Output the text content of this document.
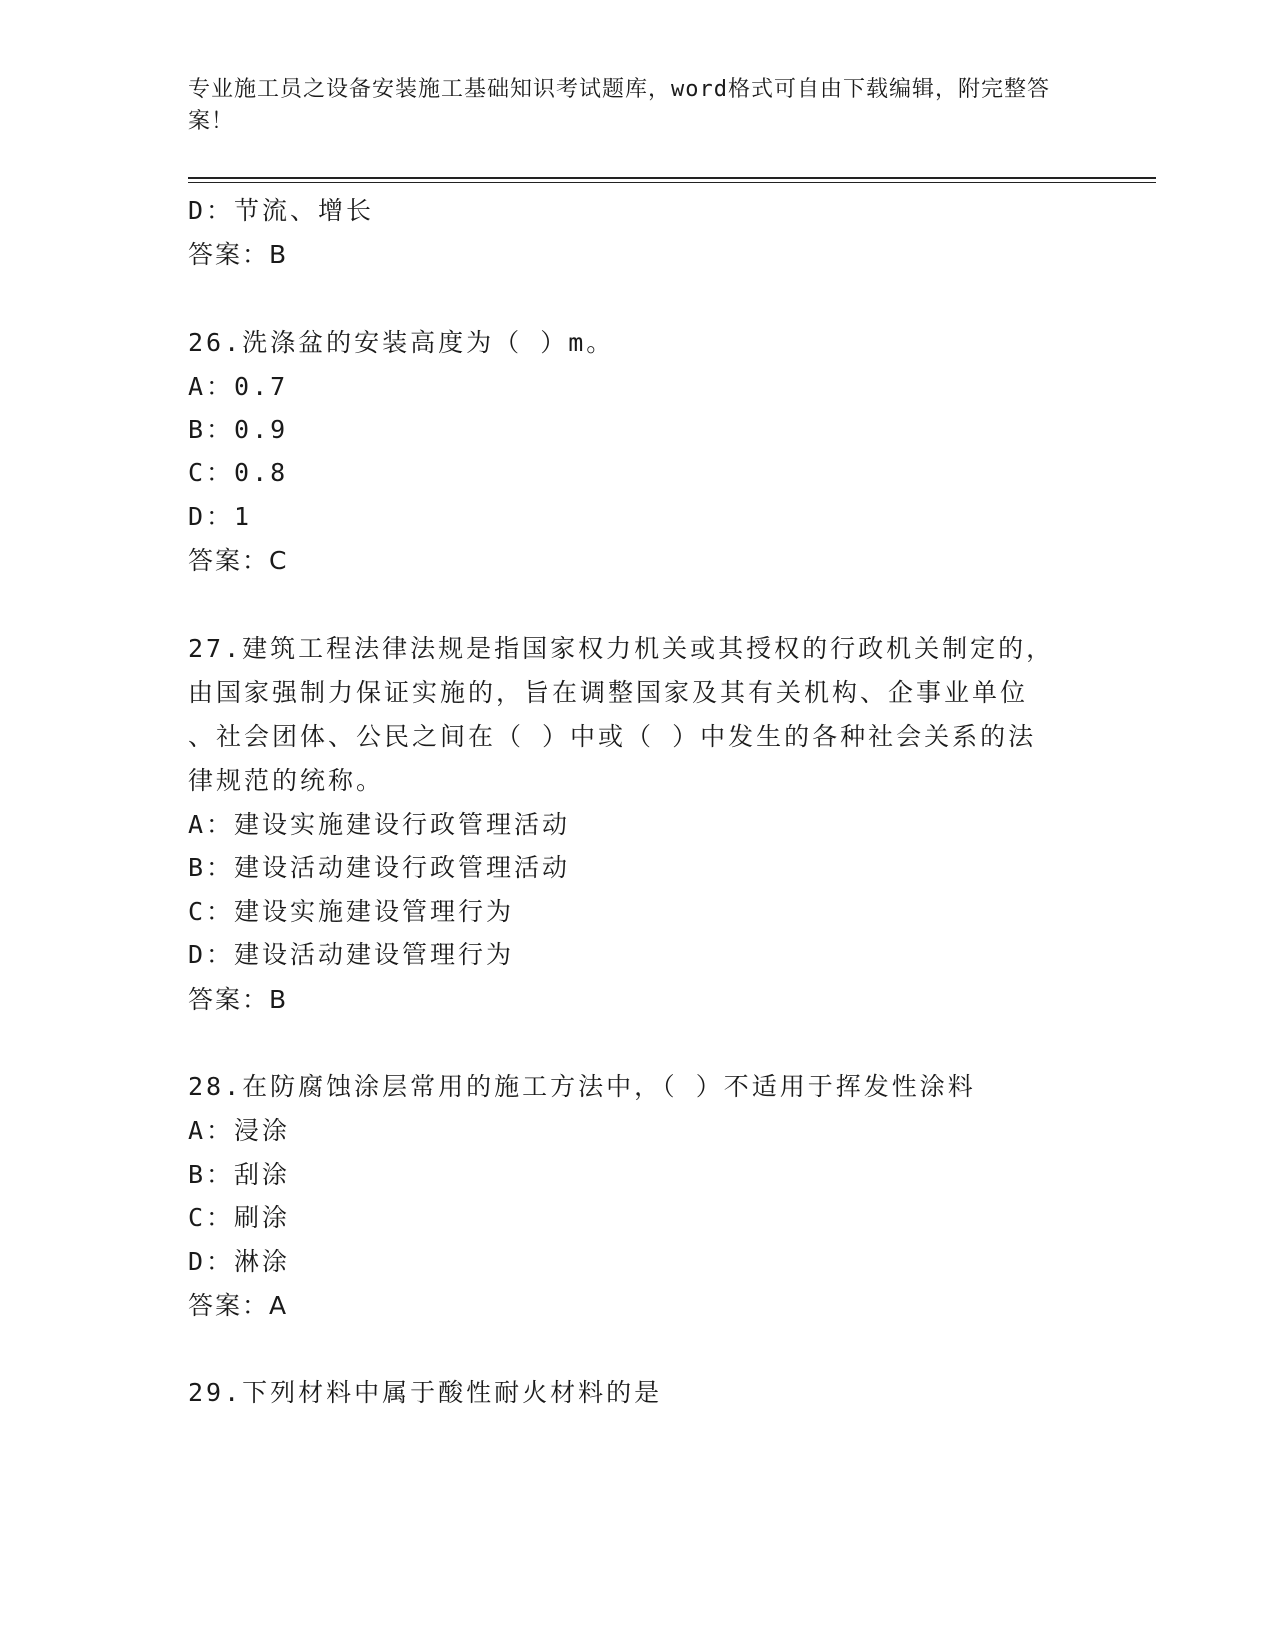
专业施工员之设备安装施工基础知识考试题库，word格式可自由下载编辑，附完整答案！
D：节流、增长
答案：B
26.洗涤盆的安装高度为（ ）m。
A：0.7
B：0.9
C：0.8
D：1
答案：C
27.建筑工程法律法规是指国家权力机关或其授权的行政机关制定的，
由国家强制力保证实施的，旨在调整国家及其有关机构、企事业单位
、社会团体、公民之间在（ ）中或（ ）中发生的各种社会关系的法
律规范的统称。
A：建设实施建设行政管理活动
B：建设活动建设行政管理活动
C：建设实施建设管理行为
D：建设活动建设管理行为
答案：B
28.在防腐蚀涂层常用的施工方法中，（ ）不适用于挥发性涂料
A：浸涂
B：刮涂
C：刷涂
D：淋涂
答案：A
29.下列材料中属于酸性耐火材料的是
